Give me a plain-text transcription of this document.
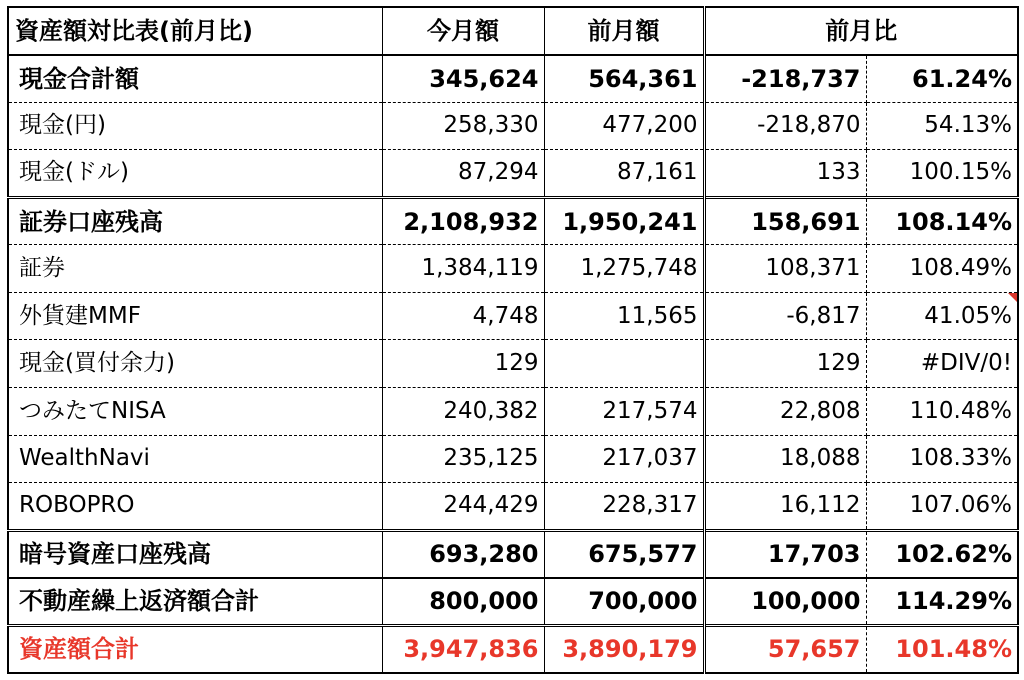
資産額対比表(前月比)	今月額	前月額	前月比	
現金合計額	345,624	564,361	-218,737	61.24%
現金(円)	258,330	477,200	-218,870	54.13%
現金(ドル)	87,294	87,161	133	100.15%
証券口座残高	2,108,932	1,950,241	158,691	108.14%
証券	1,384,119	1,275,748	108,371	108.49%
外貨建MMF	4,748	11,565	-6,817	41.05%
現金(買付余力)	129		129	#DIV/0!
つみたてNISA	240,382	217,574	22,808	110.48%
WealthNavi	235,125	217,037	18,088	108.33%
ROBOPRO	244,429	228,317	16,112	107.06%
暗号資産口座残高	693,280	675,577	17,703	102.62%
不動産繰上返済額合計	800,000	700,000	100,000	114.29%
資産額合計	3,947,836	3,890,179	57,657	101.48%
